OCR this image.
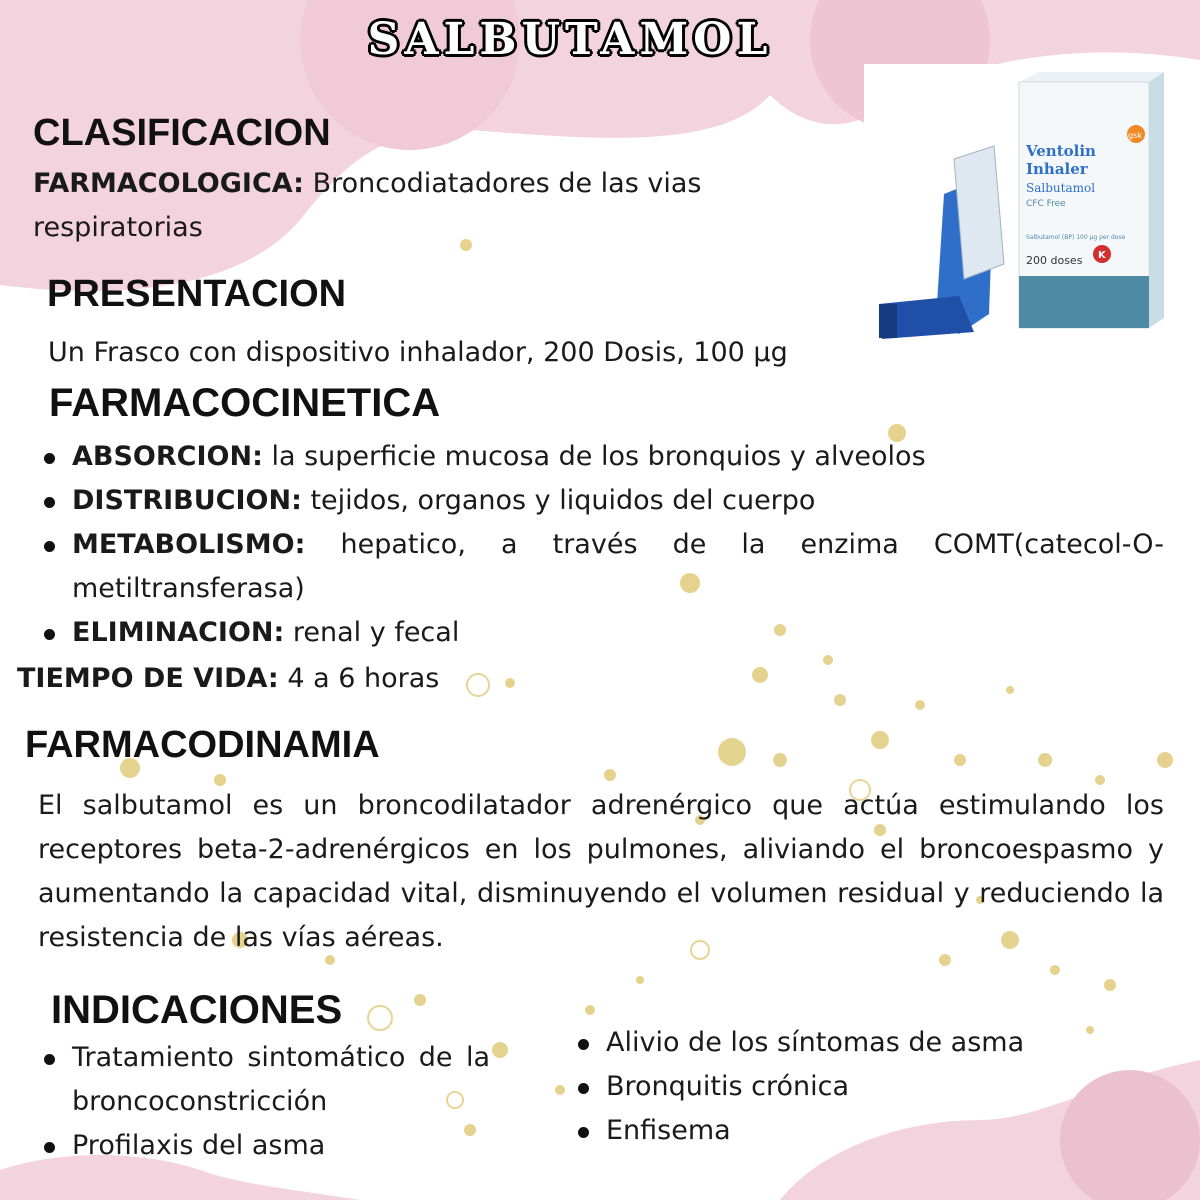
SALBUTAMOL
Ventolin
Inhaler
Salbutamol
CFC Free
Salbutamol (BP) 100 µg per dose
200 doses
gsk
K
CLASIFICACION
FARMACOLOGICA: Broncodiatadores de las vias
respiratorias
PRESENTACION
Un Frasco con dispositivo inhalador, 200 Dosis, 100 µg
FARMACOCINETICA
ABSORCION: la superficie mucosa de los bronquios y alveolos
DISTRIBUCION: tejidos, organos y liquidos del cuerpo
METABOLISMO: hepatico, a través de la enzima COMT(catecol-O-metiltransferasa)
ELIMINACION: renal y fecal
TIEMPO DE VIDA: 4 a 6 horas
FARMACODINAMIA
El salbutamol es un broncodilatador adrenérgico que actúa estimulando los receptores beta-2-adrenérgicos en los pulmones, aliviando el broncoespasmo y aumentando la capacidad vital, disminuyendo el volumen residual y reduciendo la resistencia de las vías aéreas.
INDICACIONES
Tratamiento sintomático de la broncoconstricción
Profilaxis del asma
Alivio de los síntomas de asma
Bronquitis crónica
Enfisema
